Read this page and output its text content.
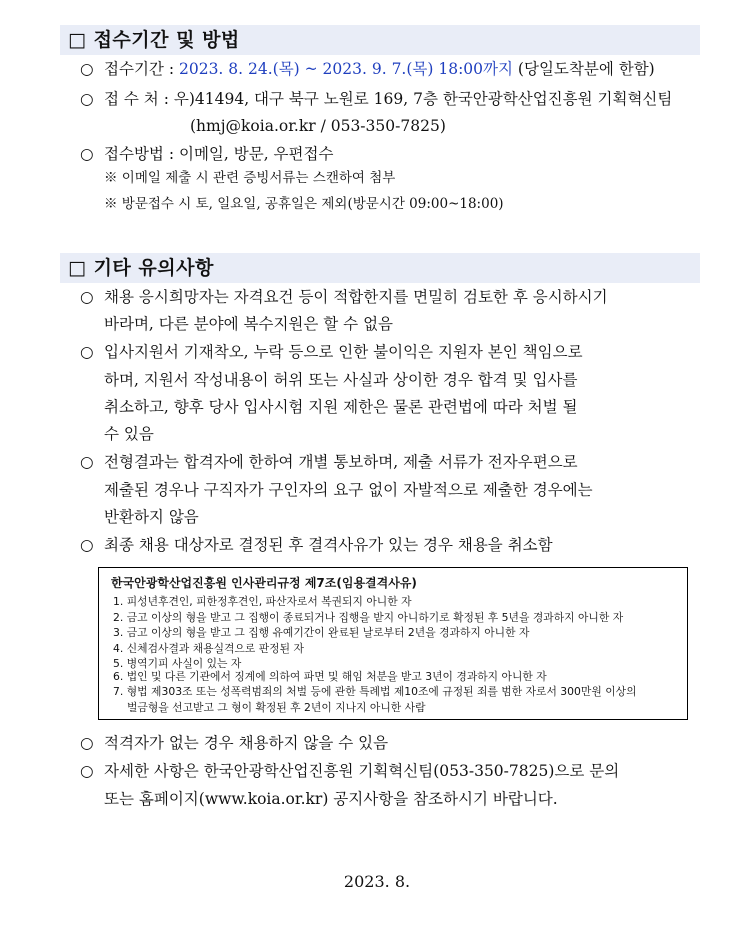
□ 접수기간 및 방법
○ 접수기간 : 2023. 8. 24.(목) ~ 2023. 9. 7.(목) 18:00까지 (당일도착분에 한함)
○ 접 수 처 : 우)41494, 대구 북구 노원로 169, 7층 한국안광학산업진흥원 기획혁신팀
(hmj@koia.or.kr / 053-350-7825)
○ 접수방법 : 이메일, 방문, 우편접수
※ 이메일 제출 시 관련 증빙서류는 스캔하여 첨부
※ 방문접수 시 토, 일요일, 공휴일은 제외(방문시간 09:00~18:00)
□ 기타 유의사항
○ 채용 응시희망자는 자격요건 등이 적합한지를 면밀히 검토한 후 응시하시기
바라며, 다른 분야에 복수지원은 할 수 없음
○ 입사지원서 기재착오, 누락 등으로 인한 불이익은 지원자 본인 책임으로
하며, 지원서 작성내용이 허위 또는 사실과 상이한 경우 합격 및 입사를
취소하고, 향후 당사 입사시험 지원 제한은 물론 관련법에 따라 처벌 될
수 있음
○ 전형결과는 합격자에 한하여 개별 통보하며, 제출 서류가 전자우편으로
제출된 경우나 구직자가 구인자의 요구 없이 자발적으로 제출한 경우에는
반환하지 않음
○ 최종 채용 대상자로 결정된 후 결격사유가 있는 경우 채용을 취소함
한국안광학산업진흥원 인사관리규정 제7조(임용결격사유)
1. 피성년후견인, 피한정후견인, 파산자로서 복권되지 아니한 자
2. 금고 이상의 형을 받고 그 집행이 종료되거나 집행을 받지 아니하기로 확정된 후 5년을 경과하지 아니한 자
3. 금고 이상의 형을 받고 그 집행 유예기간이 완료된 날로부터 2년을 경과하지 아니한 자
4. 신체검사결과 채용실격으로 판정된 자
5. 병역기피 사실이 있는 자
6. 법인 및 다른 기관에서 징계에 의하여 파면 및 해임 처분을 받고 3년이 경과하지 아니한 자
7. 형법 제303조 또는 성폭력범죄의 처벌 등에 관한 특례법 제10조에 규정된 죄를 범한 자로서 300만원 이상의
벌금형을 선고받고 그 형이 확정된 후 2년이 지나지 아니한 사람
○ 적격자가 없는 경우 채용하지 않을 수 있음
○ 자세한 사항은 한국안광학산업진흥원 기획혁신팀(053-350-7825)으로 문의
또는 홈페이지(www.koia.or.kr) 공지사항을 참조하시기 바랍니다.
2023. 8.
